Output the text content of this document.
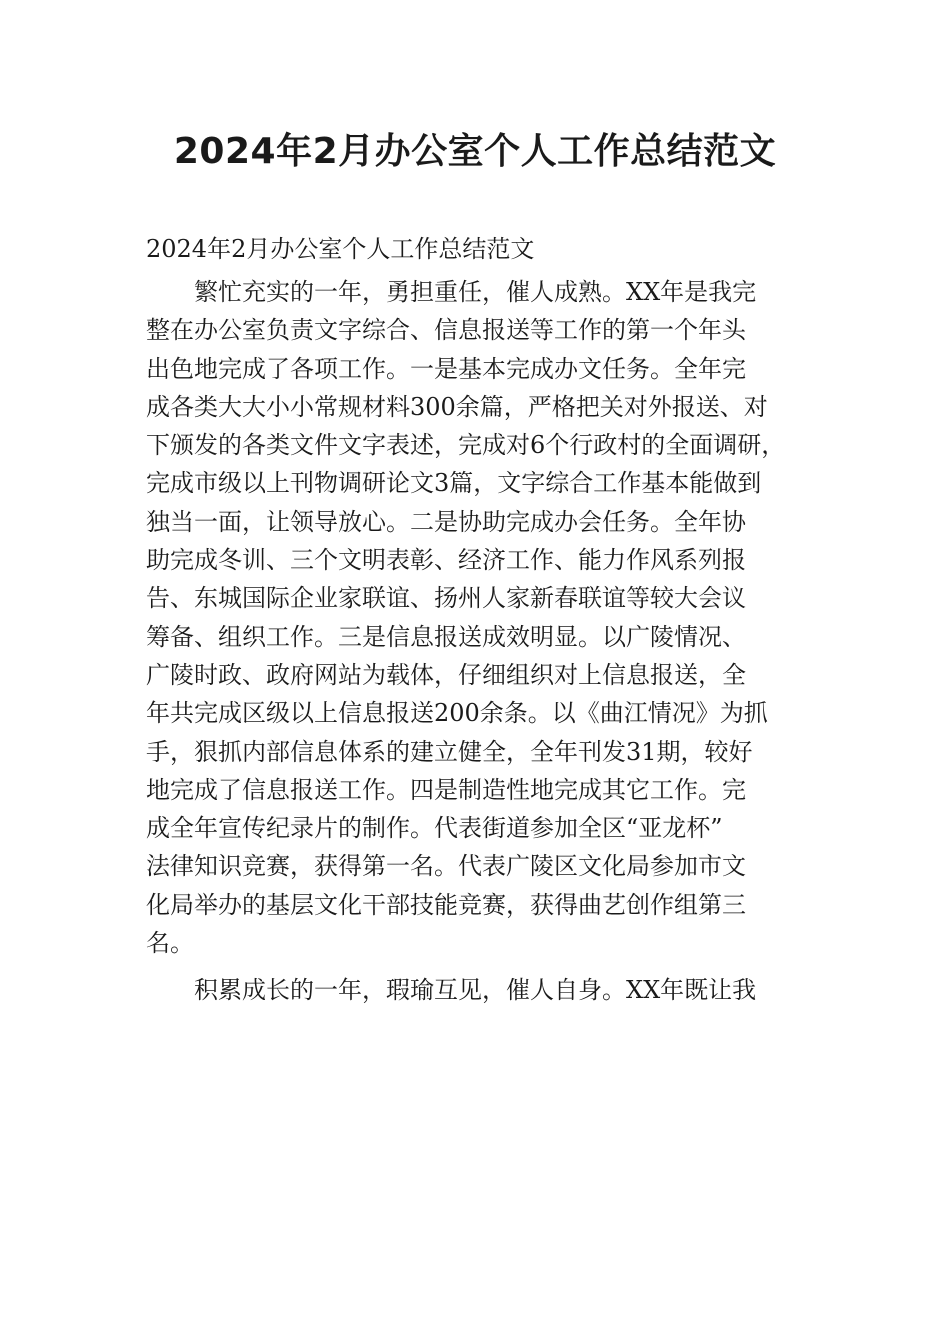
2024年2月办公室个人工作总结范文

2024年2月办公室个人工作总结范文

繁忙充实的一年，勇担重任，催人成熟。XX年是我完
整在办公室负责文字综合、信息报送等工作的第一个年头
出色地完成了各项工作。一是基本完成办文任务。全年完
成各类大大小小常规材料300余篇，严格把关对外报送、对
下颁发的各类文件文字表述，完成对6个行政村的全面调研，
完成市级以上刊物调研论文3篇，文字综合工作基本能做到
独当一面，让领导放心。二是协助完成办会任务。全年协
助完成冬训、三个文明表彰、经济工作、能力作风系列报
告、东城国际企业家联谊、扬州人家新春联谊等较大会议
筹备、组织工作。三是信息报送成效明显。以广陵情况、
广陵时政、政府网站为载体，仔细组织对上信息报送，全
年共完成区级以上信息报送200余条。以《曲江情况》为抓
手，狠抓内部信息体系的建立健全，全年刊发31期，较好
地完成了信息报送工作。四是制造性地完成其它工作。完
成全年宣传纪录片的制作。代表街道参加全区“亚龙杯”
法律知识竞赛，获得第一名。代表广陵区文化局参加市文
化局举办的基层文化干部技能竞赛，获得曲艺创作组第三
名。
积累成长的一年，瑕瑜互见，催人自身。XX年既让我
